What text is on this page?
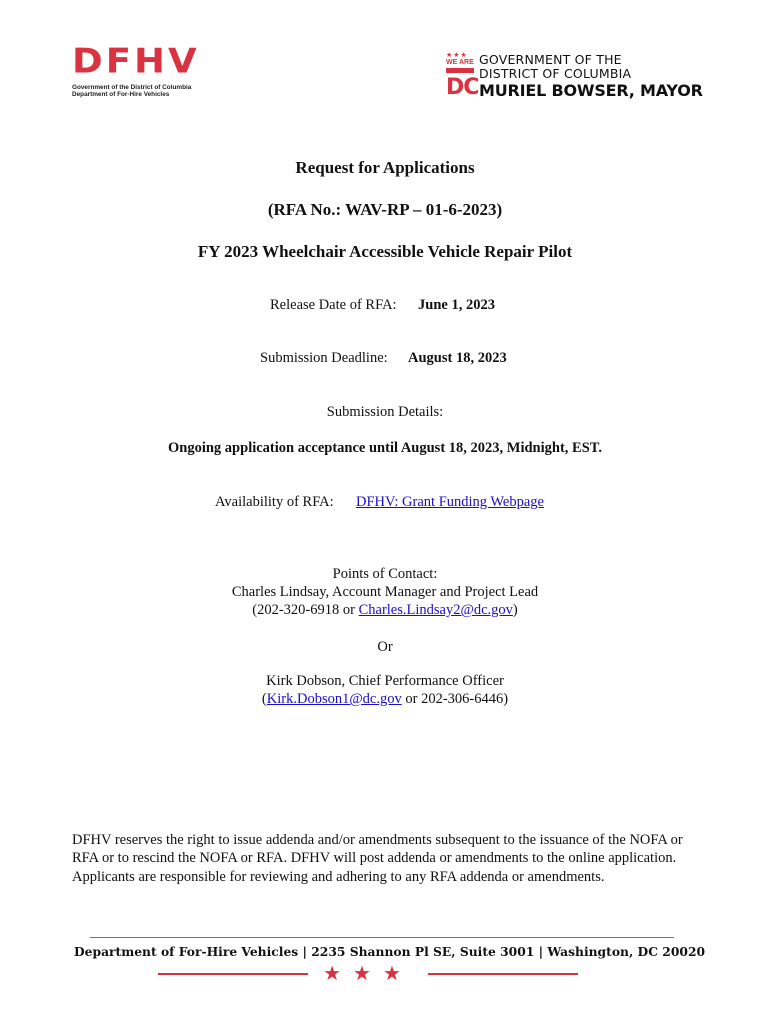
DFHV
Government of the District of Columbia
Department of For-Hire Vehicles
★★★
WE ARE
DC
GOVERNMENT OF THE
DISTRICT OF COLUMBIA
MURIEL BOWSER, MAYOR
Request for Applications
(RFA No.: WAV-RP – 01-6-2023)
FY 2023 Wheelchair Accessible Vehicle Repair Pilot
Release Date of RFA: June 1, 2023
Submission Deadline: August 18, 2023
Submission Details:
Ongoing application acceptance until August 18, 2023, Midnight, EST.
Availability of RFA: DFHV: Grant Funding Webpage
Points of Contact:
Charles Lindsay, Account Manager and Project Lead
(202-320-6918 or Charles.Lindsay2@dc.gov)
Or
Kirk Dobson, Chief Performance Officer
(Kirk.Dobson1@dc.gov or 202-306-6446)
DFHV reserves the right to issue addenda and/or amendments subsequent to the issuance of the NOFA or RFA or to rescind the NOFA or RFA. DFHV will post addenda or amendments to the online application. Applicants are responsible for reviewing and adhering to any RFA addenda or amendments.
Department of For-Hire Vehicles | 2235 Shannon Pl SE, Suite 3001 | Washington, DC 20020
★★★
